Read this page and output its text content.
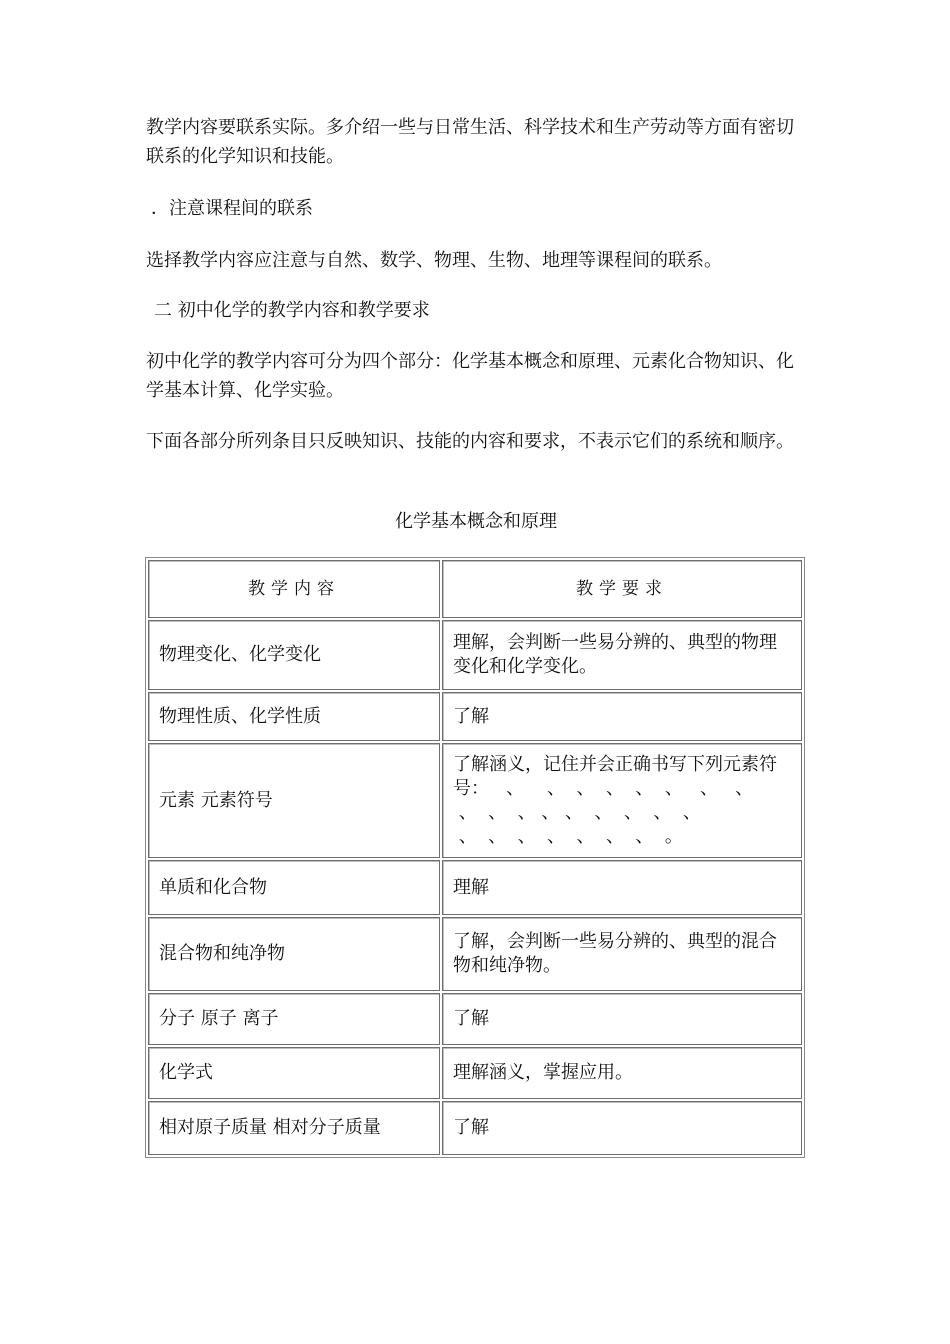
教学内容要联系实际。多介绍一些与日常生活、科学技术和生产劳动等方面有密切联系的化学知识和技能。

．注意课程间的联系

选择教学内容应注意与自然、数学、物理、生物、地理等课程间的联系。

二 初中化学的教学内容和教学要求

初中化学的教学内容可分为四个部分：化学基本概念和原理、元素化合物知识、化学基本计算、化学实验。

下面各部分所列条目只反映知识、技能的内容和要求，不表示它们的系统和顺序。

化学基本概念和原理

教学内容	教学要求
物理变化、化学变化	理解，会判断一些易分辨的、典型的物理变化和化学变化。
物理性质、化学性质	了解
元素 元素符号	了解涵义，记住并会正确书写下列元素符号：   、    、  、  、  、  、   、   、
、  、  、 、 、  、  、  、  、
、  、  、  、  、  、  、  。

单质和化合物	理解
混合物和纯净物	了解，会判断一些易分辨的、典型的混合物和纯净物。
分子 原子 离子	了解
化学式	理解涵义，掌握应用。
相对原子质量 相对分子质量	了解
